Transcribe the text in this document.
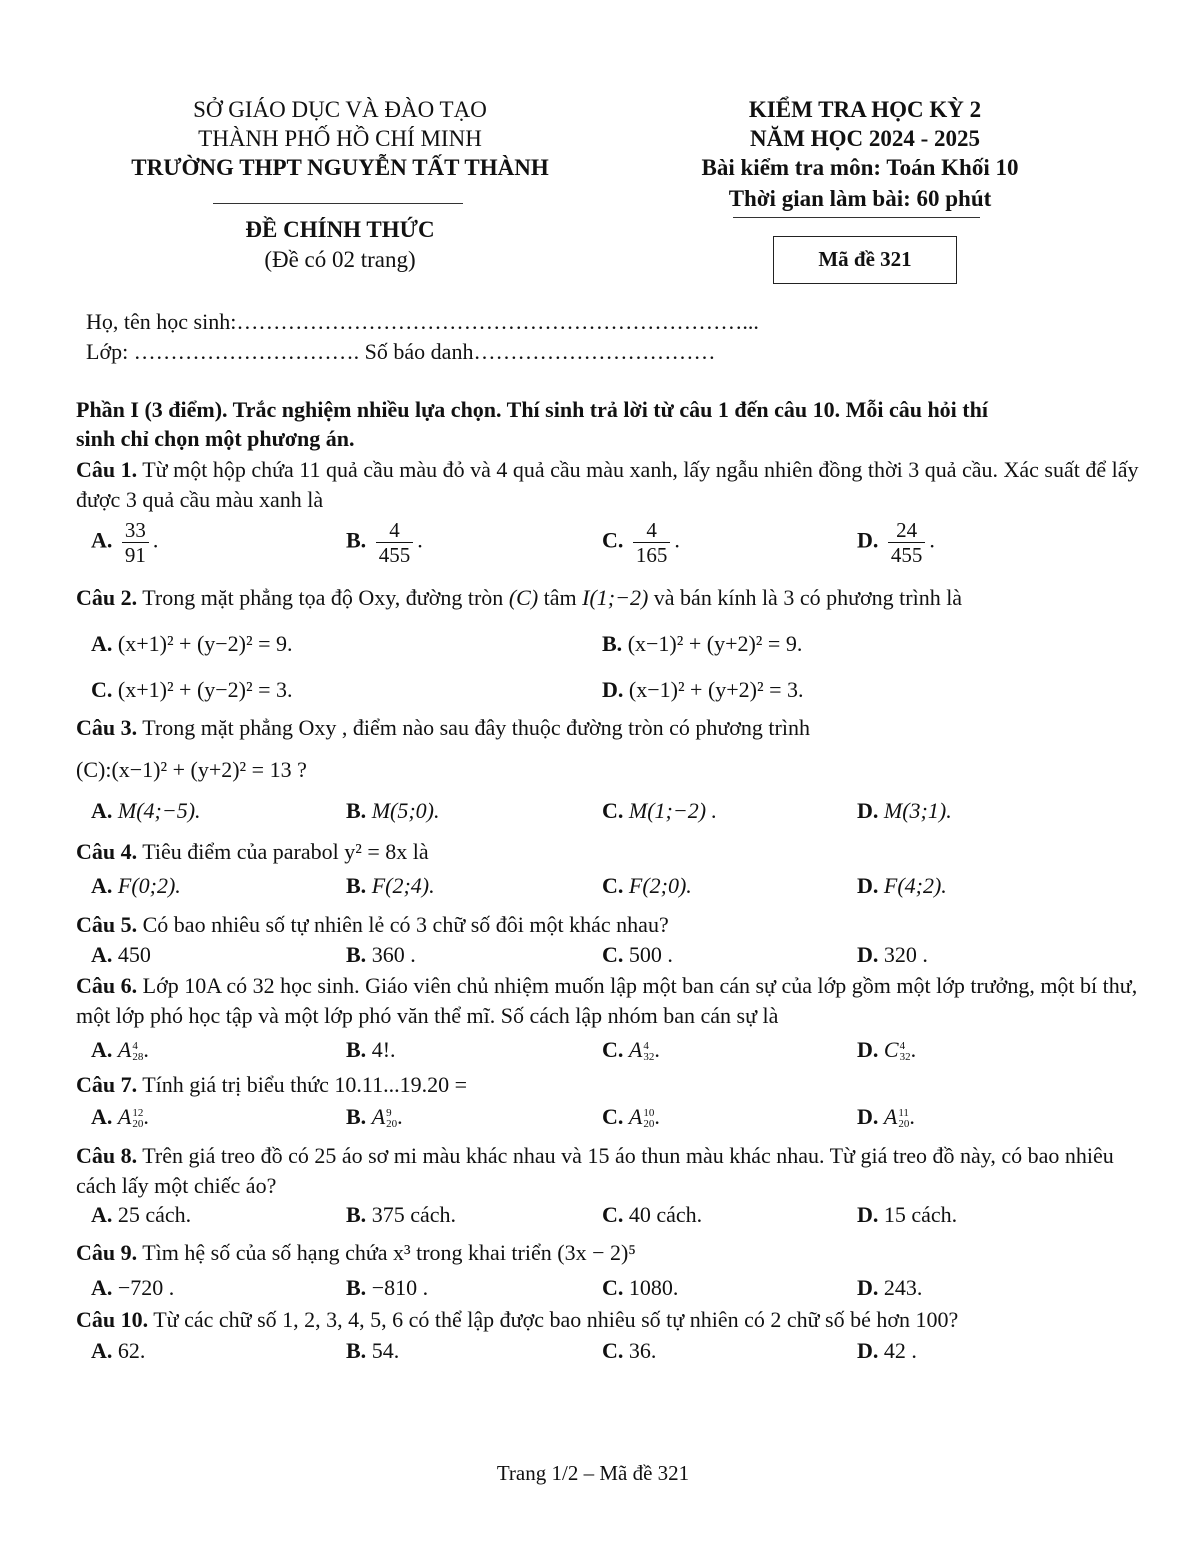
SỞ GIÁO DỤC VÀ ĐÀO TẠO
THÀNH PHỐ HỒ CHÍ MINH
TRƯỜNG THPT NGUYỄN TẤT THÀNH
ĐỀ CHÍNH THỨC
(Đề có 02 trang)
KIỂM TRA HỌC KỲ 2
NĂM HỌC 2024 - 2025
Bài kiểm tra môn: Toán Khối 10
Thời gian làm bài: 60 phút
Mã đề 321
Họ, tên học sinh:……………………………………………………………...
Lớp: …………………………. Số báo danh……………………………
Phần I (3 điểm). Trắc nghiệm nhiều lựa chọn. Thí sinh trả lời từ câu 1 đến câu 10. Mỗi câu hỏi thí
sinh chỉ chọn một phương án.
Câu 1. Từ một hộp chứa 11 quả cầu màu đỏ và 4 quả cầu màu xanh, lấy ngẫu nhiên đồng thời 3 quả cầu. Xác suất để lấy được 3 quả cầu màu xanh là
A. $\frac{33}{91}$ .	B. $\frac{4}{455}$ .	C. $\frac{4}{165}$ .	D. $\frac{24}{455}$ .
Câu 2. Trong mặt phẳng tọa độ Oxy, đường tròn (C) tâm I(1;−2) và bán kính là 3 có phương trình là
A. (x+1)² + (y−2)² = 9.	B. (x−1)² + (y+2)² = 9.
C. (x+1)² + (y−2)² = 3.	D. (x−1)² + (y+2)² = 3.
Câu 3. Trong mặt phẳng Oxy , điểm nào sau đây thuộc đường tròn có phương trình
(C):(x−1)² + (y+2)² = 13 ?
A. M(4;−5).	B. M(5;0).	C. M(1;−2) .	D. M(3;1).
Câu 4. Tiêu điểm của parabol y² = 8x là
A. F(0;2).	B. F(2;4).	C. F(2;0).	D. F(4;2).
Câu 5. Có bao nhiêu số tự nhiên lẻ có 3 chữ số đôi một khác nhau?
A. 450	B. 360 .	C. 500 .	D. 320 .
Câu 6. Lớp 10A có 32 học sinh. Giáo viên chủ nhiệm muốn lập một ban cán sự của lớp gồm một lớp trưởng, một bí thư, một lớp phó học tập và một lớp phó văn thể mĩ. Số cách lập nhóm ban cán sự là
A. A 4
28 .	B. 4!.	C. A 4
32 .	D. C 4
32 .
Câu 7. Tính giá trị biểu thức 10.11...19.20 =
A. A 12
20 .	B. A 9
20 .	C. A 10
20 .	D. A 11
20 .
Câu 8. Trên giá treo đồ có 25 áo sơ mi màu khác nhau và 15 áo thun màu khác nhau. Từ giá treo đồ này, có bao nhiêu cách lấy một chiếc áo?
A. 25 cách.	B. 375 cách.	C. 40 cách.	D. 15 cách.
Câu 9. Tìm hệ số của số hạng chứa x³ trong khai triển (3x − 2)⁵
A. −720 .	B. −810 .	C. 1080.	D. 243.
Câu 10. Từ các chữ số 1, 2, 3, 4, 5, 6 có thể lập được bao nhiêu số tự nhiên có 2 chữ số bé hơn 100?
A. 62.	B. 54.	C. 36.	D. 42 .
Trang 1/2 – Mã đề 321
